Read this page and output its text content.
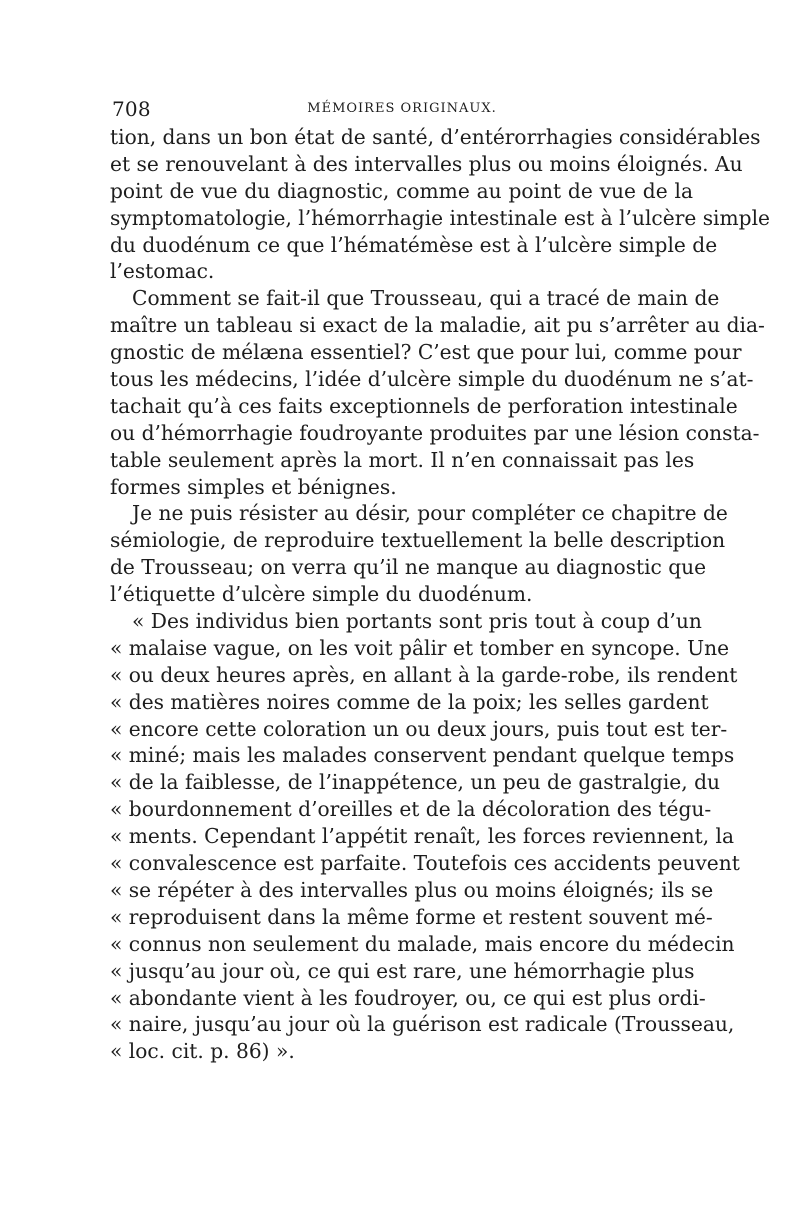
708	MÉMOIRES ORIGINAUX.
tion, dans un bon état de santé, d’entérorrhagies considérables
et se renouvelant à des intervalles plus ou moins éloignés. Au
point de vue du diagnostic, comme au point de vue de la
symptomatologie, l’hémorrhagie intestinale est à l’ulcère simple
du duodénum ce que l’hématémèse est à l’ulcère simple de
l’estomac.
Comment se fait-il que Trousseau, qui a tracé de main de
maître un tableau si exact de la maladie, ait pu s’arrêter au dia-
gnostic de mélæna essentiel? C’est que pour lui, comme pour
tous les médecins, l’idée d’ulcère simple du duodénum ne s’at-
tachait qu’à ces faits exceptionnels de perforation intestinale
ou d’hémorrhagie foudroyante produites par une lésion consta-
table seulement après la mort. Il n’en connaissait pas les
formes simples et bénignes.
Je ne puis résister au désir, pour compléter ce chapitre de
sémiologie, de reproduire textuellement la belle description
de Trousseau; on verra qu’il ne manque au diagnostic que
l’étiquette d’ulcère simple du duodénum.
« Des individus bien portants sont pris tout à coup d’un
« malaise vague, on les voit pâlir et tomber en syncope. Une
« ou deux heures après, en allant à la garde-robe, ils rendent
« des matières noires comme de la poix; les selles gardent
« encore cette coloration un ou deux jours, puis tout est ter-
« miné; mais les malades conservent pendant quelque temps
« de la faiblesse, de l’inappétence, un peu de gastralgie, du
« bourdonnement d’oreilles et de la décoloration des tégu-
« ments. Cependant l’appétit renaît, les forces reviennent, la
« convalescence est parfaite. Toutefois ces accidents peuvent
« se répéter à des intervalles plus ou moins éloignés; ils se
« reproduisent dans la même forme et restent souvent mé-
« connus non seulement du malade, mais encore du médecin
« jusqu’au jour où, ce qui est rare, une hémorrhagie plus
« abondante vient à les foudroyer, ou, ce qui est plus ordi-
« naire, jusqu’au jour où la guérison est radicale (Trousseau,
« loc. cit. p. 86) ».
